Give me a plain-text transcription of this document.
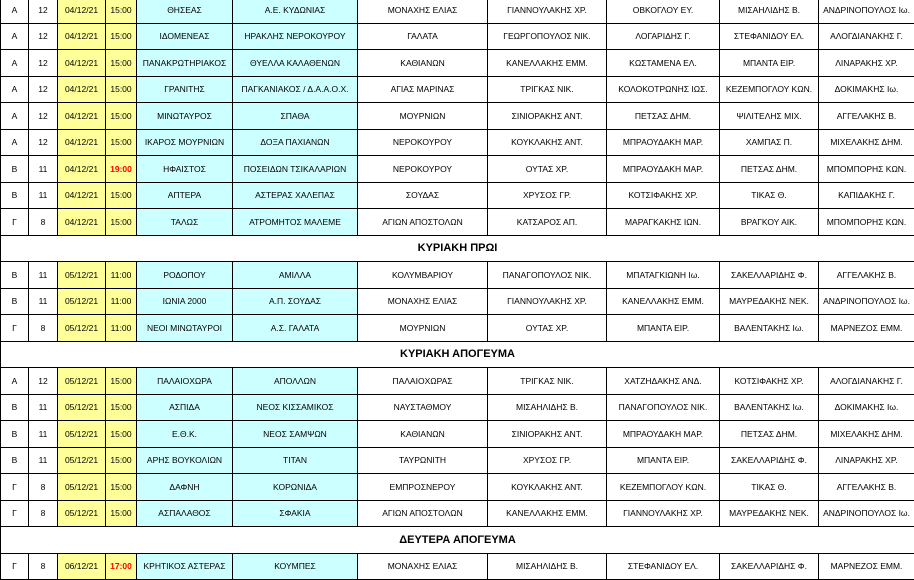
Α	12	04/12/21	15:00	ΘΗΣΕΑΣ	Α.Ε. ΚΥΔΩΝΙΑΣ	ΜΟΝΑΧΗΣ ΕΛΙΑΣ	ΓΙΑΝΝΟΥΛΑΚΗΣ ΧΡ.	ΟΒΚΟΓΛΟΥ ΕΥ.	ΜΙΣΑΗΛΙΔΗΣ Β.	ΑΝΔΡΙΝΟΠΟΥΛΟΣ Ιω.
Α	12	04/12/21	15:00	ΙΔΟΜΕΝΕΑΣ	ΗΡΑΚΛΗΣ ΝΕΡΟΚΟΥΡΟΥ	ΓΑΛΑΤΑ	ΓΕΩΡΓΟΠΟΥΛΟΣ ΝΙΚ.	ΛΟΓΑΡΙΔΗΣ Γ.	ΣΤΕΦΑΝΙΔΟΥ ΕΛ.	ΑΛΟΓΔΙΑΝΑΚΗΣ Γ.
Α	12	04/12/21	15:00	ΠΑΝΑΚΡΩΤΗΡΙΑΚΟΣ	ΘΥΕΛΛΑ ΚΑΛΑΘΕΝΩΝ	ΚΑΘΙΑΝΩΝ	ΚΑΝΕΛΛΑΚΗΣ ΕΜΜ.	ΚΩΣΤΑΜΕΝΑ ΕΛ.	ΜΠΑΝΤΑ ΕΙΡ.	ΛΙΝΑΡΑΚΗΣ ΧΡ.
Α	12	04/12/21	15:00	ΓΡΑΝΙΤΗΣ	ΠΑΓΚΑΝΙΑΚΟΣ / Δ.Α.Α.Ο.Χ.	ΑΓΙΑΣ ΜΑΡΙΝΑΣ	ΤΡΙΓΚΑΣ ΝΙΚ.	ΚΟΛΟΚΟΤΡΩΝΗΣ ΙΩΣ.	ΚΕΖΕΜΠΟΓΛΟΥ ΚΩΝ.	ΔΟΚΙΜΑΚΗΣ Ιω.
Α	12	04/12/21	15:00	ΜΙΝΩΤΑΥΡΟΣ	ΣΠΑΘΑ	ΜΟΥΡΝΙΩΝ	ΣΙΝΙΟΡΑΚΗΣ ΑΝΤ.	ΠΕΤΣΑΣ ΔΗΜ.	ΨΙΛΙΤΕΛΗΣ ΜΙΧ.	ΑΓΓΕΛΑΚΗΣ Β.
Α	12	04/12/21	15:00	ΙΚΑΡΟΣ ΜΟΥΡΝΙΩΝ	ΔΟΞΑ ΠΑΧΙΑΝΩΝ	ΝΕΡΟΚΟΥΡΟΥ	ΚΟΥΚΛΑΚΗΣ ΑΝΤ.	ΜΠΡΑΟΥΔΑΚΗ ΜΑΡ.	ΧΑΜΠΑΣ Π.	ΜΙΧΕΛΑΚΗΣ ΔΗΜ.
Β	11	04/12/21	19:00	ΗΦΑΙΣΤΟΣ	ΠΟΣΕΙΔΩΝ ΤΣΙΚΑΛΑΡΙΩΝ	ΝΕΡΟΚΟΥΡΟΥ	ΟΥΤΑΣ ΧΡ.	ΜΠΡΑΟΥΔΑΚΗ ΜΑΡ.	ΠΕΤΣΑΣ ΔΗΜ.	ΜΠΟΜΠΟΡΗΣ ΚΩΝ.
Β	11	04/12/21	15:00	ΑΠΤΕΡΑ	ΑΣΤΕΡΑΣ ΧΑΛΕΠΑΣ	ΣΟΥΔΑΣ	ΧΡΥΣΟΣ ΓΡ.	ΚΟΤΣΙΦΑΚΗΣ ΧΡ.	ΤΙΚΑΣ Θ.	ΚΑΠΙΔΑΚΗΣ Γ.
Γ	8	04/12/21	15:00	ΤΑΛΩΣ	ΑΤΡΟΜΗΤΟΣ ΜΑΛΕΜΕ	ΑΓΙΩΝ ΑΠΟΣΤΟΛΩΝ	ΚΑΤΣΑΡΟΣ ΑΠ.	ΜΑΡΑΓΚΑΚΗΣ ΙΩΝ.	ΒΡΑΓΚΟΥ ΑΙΚ.	ΜΠΟΜΠΟΡΗΣ ΚΩΝ.
ΚΥΡΙΑΚΗ ΠΡΩΙ										
Β	11	05/12/21	11:00	ΡΟΔΟΠΟΥ	ΑΜΙΛΛΑ	ΚΟΛΥΜΒΑΡΙΟΥ	ΠΑΝΑΓΟΠΟΥΛΟΣ ΝΙΚ.	ΜΠΑΤΑΓΚΙΩΝΗ Ιω.	ΣΑΚΕΛΛΑΡΙΔΗΣ Φ.	ΑΓΓΕΛΑΚΗΣ Β.
Β	11	05/12/21	11:00	ΙΩΝΙΑ 2000	Α.Π. ΣΟΥΔΑΣ	ΜΟΝΑΧΗΣ ΕΛΙΑΣ	ΓΙΑΝΝΟΥΛΑΚΗΣ ΧΡ.	ΚΑΝΕΛΛΑΚΗΣ ΕΜΜ.	ΜΑΥΡΕΔΑΚΗΣ ΝΕΚ.	ΑΝΔΡΙΝΟΠΟΥΛΟΣ Ιω.
Γ	8	05/12/21	11:00	ΝΕΟΙ ΜΙΝΩΤΑΥΡΟΙ	Α.Σ. ΓΑΛΑΤΑ	ΜΟΥΡΝΙΩΝ	ΟΥΤΑΣ ΧΡ.	ΜΠΑΝΤΑ ΕΙΡ.	ΒΑΛΕΝΤΑΚΗΣ Ιω.	ΜΑΡΝΕΖΟΣ ΕΜΜ.
ΚΥΡΙΑΚΗ ΑΠΟΓΕΥΜΑ										
Α	12	05/12/21	15:00	ΠΑΛΑΙΟΧΩΡΑ	ΑΠΟΛΛΩΝ	ΠΑΛΑΙΟΧΩΡΑΣ	ΤΡΙΓΚΑΣ ΝΙΚ.	ΧΑΤΖΗΔΑΚΗΣ ΑΝΔ.	ΚΟΤΣΙΦΑΚΗΣ ΧΡ.	ΑΛΟΓΔΙΑΝΑΚΗΣ Γ.
Β	11	05/12/21	15:00	ΑΣΠΙΔΑ	ΝΕΟΣ ΚΙΣΣΑΜΙΚΟΣ	ΝΑΥΣΤΑΘΜΟΥ	ΜΙΣΑΗΛΙΔΗΣ Β.	ΠΑΝΑΓΟΠΟΥΛΟΣ ΝΙΚ.	ΒΑΛΕΝΤΑΚΗΣ Ιω.	ΔΟΚΙΜΑΚΗΣ Ιω.
Β	11	05/12/21	15:00	Ε.Θ.Κ.	ΝΕΟΣ ΣΑΜΨΩΝ	ΚΑΘΙΑΝΩΝ	ΣΙΝΙΟΡΑΚΗΣ ΑΝΤ.	ΜΠΡΑΟΥΔΑΚΗ ΜΑΡ.	ΠΕΤΣΑΣ ΔΗΜ.	ΜΙΧΕΛΑΚΗΣ ΔΗΜ.
Β	11	05/12/21	15:00	ΑΡΗΣ ΒΟΥΚΟΛΙΩΝ	ΤΙΤΑΝ	ΤΑΥΡΩΝΙΤΗ	ΧΡΥΣΟΣ ΓΡ.	ΜΠΑΝΤΑ ΕΙΡ.	ΣΑΚΕΛΛΑΡΙΔΗΣ Φ.	ΛΙΝΑΡΑΚΗΣ ΧΡ.
Γ	8	05/12/21	15:00	ΔΑΦΝΗ	ΚΟΡΩΝΙΔΑ	ΕΜΠΡΟΣΝΕΡΟΥ	ΚΟΥΚΛΑΚΗΣ ΑΝΤ.	ΚΕΖΕΜΠΟΓΛΟΥ ΚΩΝ.	ΤΙΚΑΣ Θ.	ΑΓΓΕΛΑΚΗΣ Β.
Γ	8	05/12/21	15:00	ΑΣΠΑΛΑΘΟΣ	ΣΦΑΚΙΑ	ΑΓΙΩΝ ΑΠΟΣΤΟΛΩΝ	ΚΑΝΕΛΛΑΚΗΣ ΕΜΜ.	ΓΙΑΝΝΟΥΛΑΚΗΣ ΧΡ.	ΜΑΥΡΕΔΑΚΗΣ ΝΕΚ.	ΑΝΔΡΙΝΟΠΟΥΛΟΣ Ιω.
ΔΕΥΤΕΡΑ ΑΠΟΓΕΥΜΑ										
Γ	8	06/12/21	17:00	ΚΡΗΤΙΚΟΣ ΑΣΤΕΡΑΣ	ΚΟΥΜΠΕΣ	ΜΟΝΑΧΗΣ ΕΛΙΑΣ	ΜΙΣΑΗΛΙΔΗΣ Β.	ΣΤΕΦΑΝΙΔΟΥ ΕΛ.	ΣΑΚΕΛΛΑΡΙΔΗΣ Φ.	ΜΑΡΝΕΖΟΣ ΕΜΜ.
